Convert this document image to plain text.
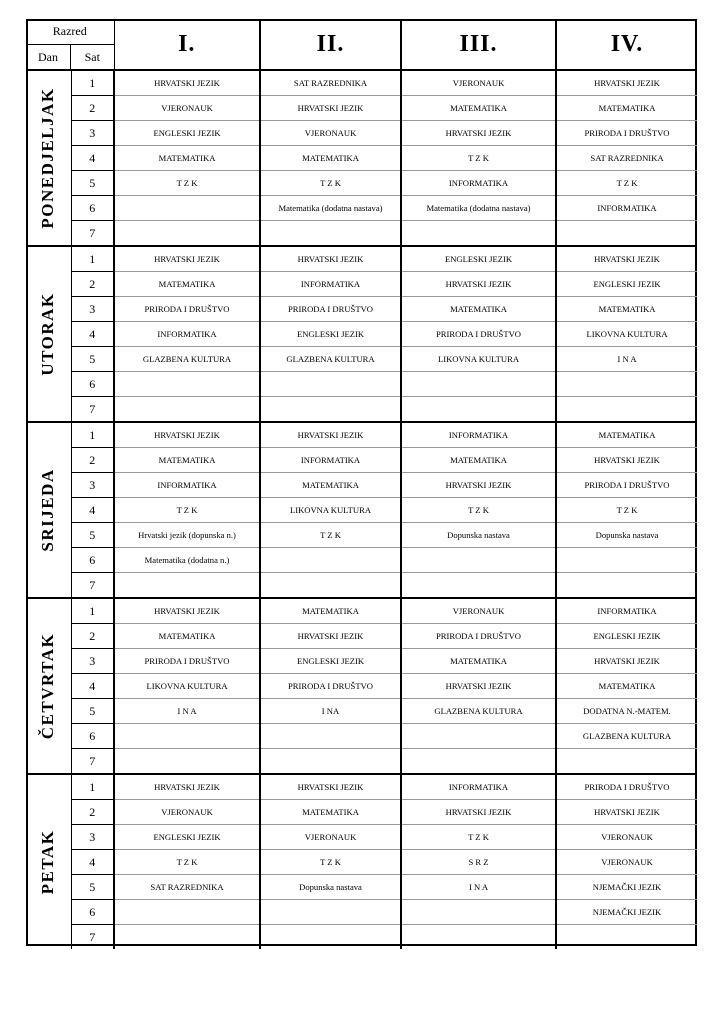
Razred
Dan Sat		I.	II.	III.	IV.

PONEDJELJAK	1	HRVATSKI JEZIK	SAT RAZREDNIKA	VJERONAUK	HRVATSKI JEZIK
	2	VJERONAUK	HRVATSKI JEZIK	MATEMATIKA	MATEMATIKA
	3	ENGLESKI JEZIK	VJERONAUK	HRVATSKI JEZIK	PRIRODA I DRUŠTVO
	4	MATEMATIKA	MATEMATIKA	T Z K	SAT RAZREDNIKA
	5	T Z K	T Z K	INFORMATIKA	T Z K
	6		Matematika (dodatna nastava)	Matematika (dodatna nastava)	INFORMATIKA
	7				

UTORAK	1	HRVATSKI JEZIK	HRVATSKI JEZIK	ENGLESKI JEZIK	HRVATSKI JEZIK
	2	MATEMATIKA	INFORMATIKA	HRVATSKI JEZIK	ENGLESKI JEZIK
	3	PRIRODA I DRUŠTVO	PRIRODA I DRUŠTVO	MATEMATIKA	MATEMATIKA
	4	INFORMATIKA	ENGLESKI JEZIK	PRIRODA I DRUŠTVO	LIKOVNA KULTURA
	5	GLAZBENA KULTURA	GLAZBENA KULTURA	LIKOVNA KULTURA	I N A
	6				
	7				

SRIJEDA	1	HRVATSKI JEZIK	HRVATSKI JEZIK	INFORMATIKA	MATEMATIKA
	2	MATEMATIKA	INFORMATIKA	MATEMATIKA	HRVATSKI JEZIK
	3	INFORMATIKA	MATEMATIKA	HRVATSKI JEZIK	PRIRODA I DRUŠTVO
	4	T Z K	LIKOVNA KULTURA	T Z K	T Z K
	5	Hrvatski jezik (dopunska n.)	T Z K	Dopunska nastava	Dopunska nastava
	6	Matematika (dodatna n.)			
	7				

ČETVRTAK	1	HRVATSKI JEZIK	MATEMATIKA	VJERONAUK	INFORMATIKA
	2	MATEMATIKA	HRVATSKI JEZIK	PRIRODA I DRUŠTVO	ENGLESKI JEZIK
	3	PRIRODA I DRUŠTVO	ENGLESKI JEZIK	MATEMATIKA	HRVATSKI JEZIK
	4	LIKOVNA KULTURA	PRIRODA I DRUŠTVO	HRVATSKI JEZIK	MATEMATIKA
	5	I N A	I NA	GLAZBENA KULTURA	DODATNA N.-MATEM.
	6				GLAZBENA KULTURA
	7				

PETAK	1	HRVATSKI JEZIK	HRVATSKI JEZIK	INFORMATIKA	PRIRODA I DRUŠTVO
	2	VJERONAUK	MATEMATIKA	HRVATSKI JEZIK	HRVATSKI JEZIK
	3	ENGLESKI JEZIK	VJERONAUK	T Z K	VJERONAUK
	4	T Z K	T Z K	S R Z	VJERONAUK
	5	SAT RAZREDNIKA	Dopunska nastava	I N A	NJEMAČKI JEZIK
	6				NJEMAČKI JEZIK
	7				
